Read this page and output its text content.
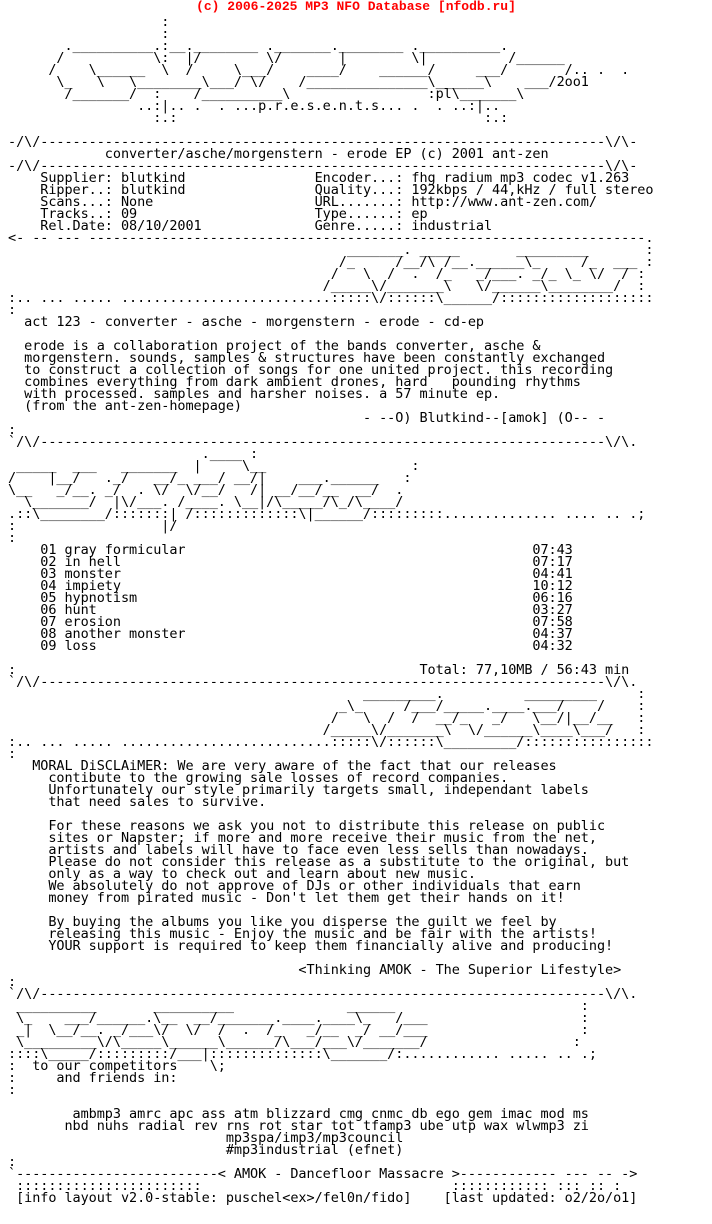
(c) 2006-2025 MP3 NFO Database [nfodb.ru]
:
:
.__________.:__.________ ._______.________ .__________.
/           \:  |/        \/       |        \|          /______
/    \______  \  /     \___/    ____/    ______/     ___/       /.. .  .
\_   \   \________\___/ \/    /_______________\______\    ___/2oo1
/_______/  :    /__________\                 :pl\_______\
..:|.. .  . ...p.r.e.s.e.n.t.s... .  . ..:|..
:.:                                      :.:

-/\/----------------------------------------------------------------------\/\-
converter/asche/morgenstern - erode EP (c) 2001 ant-zen
-/\/----------------------------------------------------------------------\/\-
Supplier: blutkind                Encoder...: fhg radium mp3 codec v1.263
Ripper..: blutkind                Quality...: 192kbps / 44,kHz / full stereo
Scans...: None                    URL.......: http://www.ant-zen.com/
Tracks..: 09                      Type......: ep
Rel.Date: 08/10/2001              Genre.....: industrial
<- -- --- ---------------------------------------------------------------------.
_______. _____       _________       :
/_     /__/\ /__.______\_     /_  ___ :
/   \  /  .  /_   _/___. _/_ \_ \/  / :
/_____\/_______\   \/______\________/  :
:.. ... ..... ..........................:::::\/::::::\______/:::::::::::::::::::
:
act 123 - converter - asche - morgenstern - erode - cd-ep

erode is a collaboration project of the bands converter, asche &
morgenstern. sounds, samples & structures have been constantly exchanged
to construct a collection of songs for one united project. this recording
combines everything from dark ambient drones, hard   pounding rhythms
with processed. samples and harsher noises. a 57 minute ep.
(from the ant-zen-homepage)
- --O) Blutkind--[amok] (O-- -
:
`/\/----------------------------------------------------------------------\/\.
.____ :
_____  ___   _______  |     \__                  :
/    |__/   ._/   __/_ ___/ __/|    ___.______   :
\__   _/__. _/  . \/  \/__/   /| __/__/__  __/  .
\_______/  |\/___. /____. \__|/\_____/\_/\____/
.::\________/:::::::| /:::::::::::::\|______/:::::::::.............. .... .. .;
:                  |/
:
01 gray formicular                                           07:43
02 in hell                                                   07:17
03 monster                                                   04:41
04 impiety                                                   10:12
05 hypnotism                                                 06:16
06 hunt                                                      03:27
07 erosion                                                   07:58
08 another monster                                           04:37
09 loss                                                      04:32

:                                                  Total: 77,10MB / 56:43 min
`/\/----------------------------------------------------------------------\/\.
_________.          _________     :
_\_     /___/_____.____.___/    /    :
/   \  /  /  __/_   _/   \__/|__/__   :
/_____\/_______\  \/______\____\___/   :
:.. ... ..... ..........................:::::\/::::::\_________/::::::::::::::::
:
MORAL DiSCLAiMER: We are very aware of the fact that our releases
contibute to the growing sale losses of record companies.
Unfortunately our style primarily targets small, independant labels
that need sales to survive.

For these reasons we ask you not to distribute this release on public
sites or Napster; if more and more receive their music from the net,
artists and labels will have to face even less sells than nowadays.
Please do not consider this release as a substitute to the original, but
only as a way to check out and learn about new music.
We absolutely do not approve of DJs or other individuals that earn
money from pirated music - Don't let them get their hands on it!

By buying the albums you like you disperse the guilt we feel by
releasing this music - Enjoy the music and be fair with the artists!
YOUR support is required to keep them financially alive and producing!

<Thinking AMOK - The Superior Lifestyle>
:
`/\/----------------------------------------------------------------------\/\.
__________       __________              ______                       :
\_    ___/______.\__  __/_______.____.____\_   /___                   :
_|  \__/__. _/___\/  \/  /  .  /_   _/__  _/ __/___                   :
\_________\/\_____\______\______/\___/___\/_______/                  :
::::\_____/:::::::::/___|::::::::::::::\_______/:............ ..... .. .;
:  to our competitors    \;
:     and friends in:
:

ambmp3 amrc apc ass atm blizzard cmg cnmc db ego gem imac mod ms
nbd nuhs radial rev rns rot star tot tfamp3 ube utp wax wlwmp3 zi
mp3spa/imp3/mp3council
#mp3industrial (efnet)
:
`-------------------------< AMOK - Dancefloor Massacre >------------ --- -- ->
:::::::::::::::::::::::                               :::::::::::: ::: :: :
[info layout v2.0-stable: puschel<ex>/fel0n/fido]    [last updated: o2/2o/o1]
